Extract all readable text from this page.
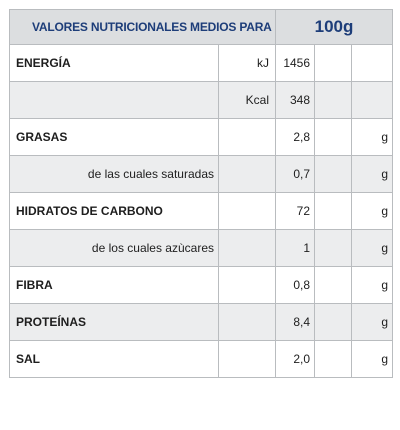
VALORES NUTRICIONALES MEDIOS PARA		100g		
ENERGÍA	kJ	1456		
	Kcal	348		
GRASAS		2,8		g
de las cuales saturadas		0,7		g
HIDRATOS DE CARBONO		72		g
de los cuales azùcares		1		g
FIBRA		0,8		g
PROTEÍNAS		8,4		g
SAL		2,0		g
